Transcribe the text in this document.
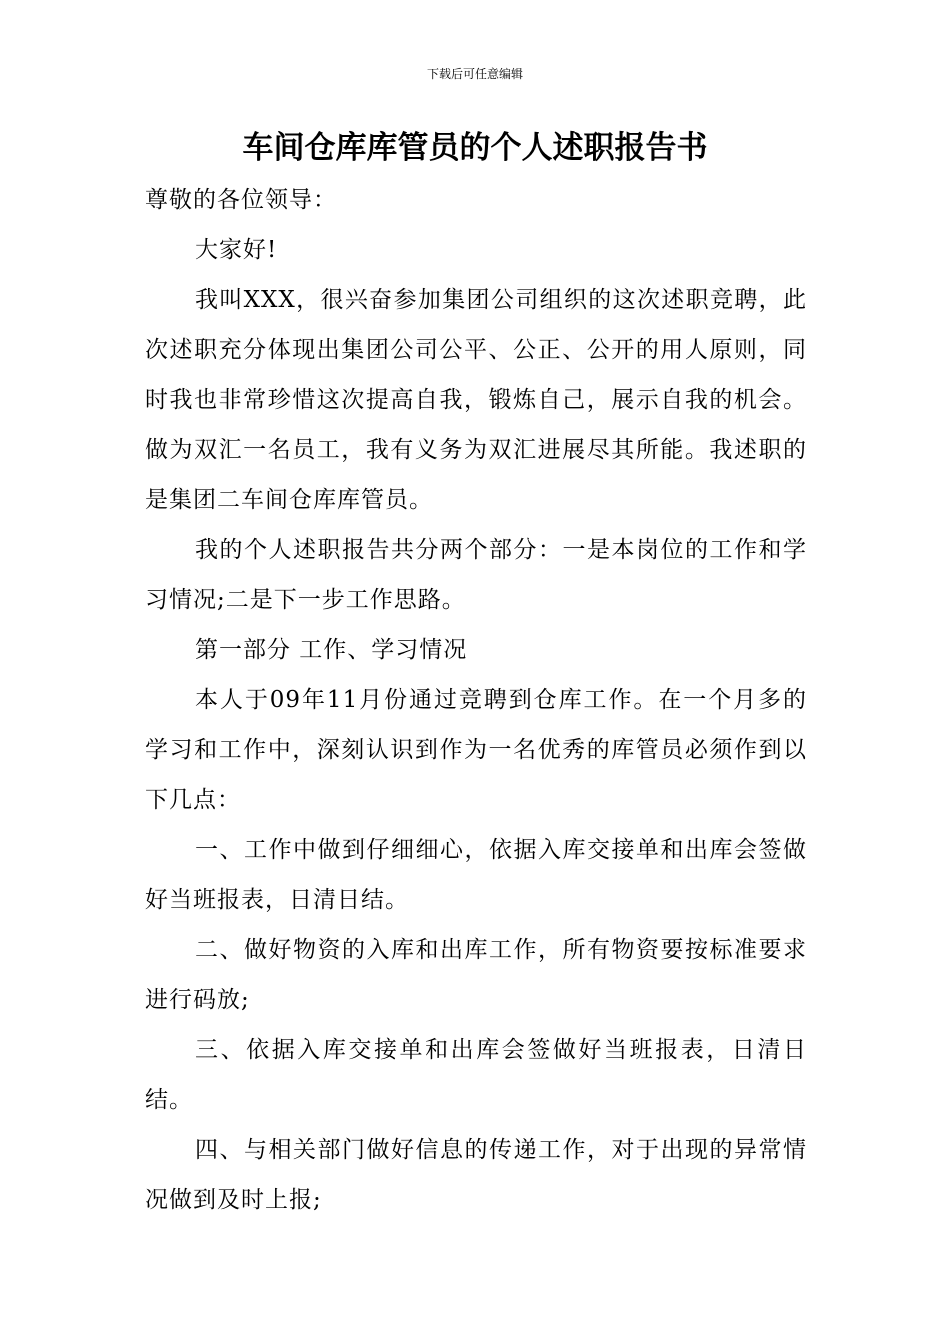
下载后可任意编辑
车间仓库库管员的个人述职报告书

尊敬的各位领导：

大家好!

我叫XXX，很兴奋参加集团公司组织的这次述职竞聘，此次述职充分体现出集团公司公平、公正、公开的用人原则，同时我也非常珍惜这次提高自我，锻炼自己，展示自我的机会。做为双汇一名员工，我有义务为双汇进展尽其所能。我述职的是集团二车间仓库库管员。

我的个人述职报告共分两个部分：一是本岗位的工作和学习情况;二是下一步工作思路。

第一部分 工作、学习情况

本人于09年11月份通过竞聘到仓库工作。在一个月多的学习和工作中，深刻认识到作为一名优秀的库管员必须作到以下几点：

一、工作中做到仔细细心，依据入库交接单和出库会签做好当班报表，日清日结。

二、做好物资的入库和出库工作，所有物资要按标准要求进行码放;

三、依据入库交接单和出库会签做好当班报表，日清日结。

四、与相关部门做好信息的传递工作，对于出现的异常情况做到及时上报;
